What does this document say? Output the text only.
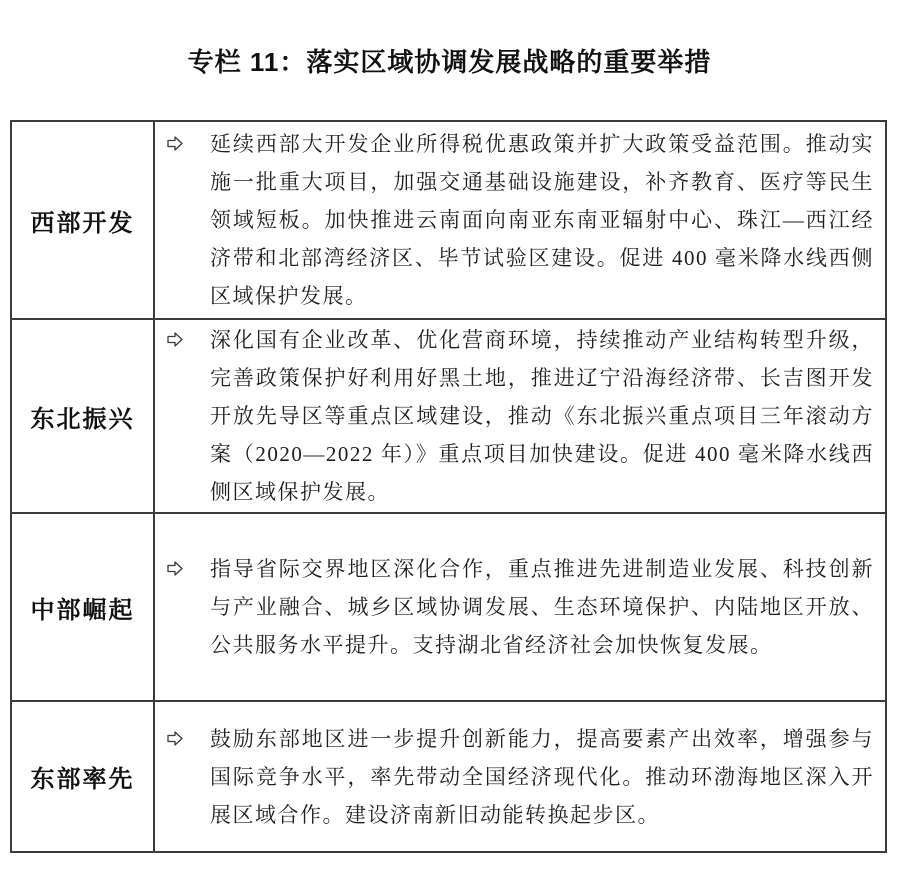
专栏 11：落实区域协调发展战略的重要举措
西部开发

延续西部大开发企业所得税优惠政策并扩大政策受益范围。推动实施一批重大项目，加强交通基础设施建设，补齐教育、医疗等民生领域短板。加快推进云南面向南亚东南亚辐射中心、珠江—西江经济带和北部湾经济区、毕节试验区建设。促进 400 毫米降水线西侧区域保护发展。

东北振兴

深化国有企业改革、优化营商环境，持续推动产业结构转型升级，完善政策保护好利用好黑土地，推进辽宁沿海经济带、长吉图开发开放先导区等重点区域建设，推动《东北振兴重点项目三年滚动方案（2020—2022 年）》重点项目加快建设。促进 400 毫米降水线西侧区域保护发展。

中部崛起

指导省际交界地区深化合作，重点推进先进制造业发展、科技创新与产业融合、城乡区域协调发展、生态环境保护、内陆地区开放、公共服务水平提升。支持湖北省经济社会加快恢复发展。

东部率先

鼓励东部地区进一步提升创新能力，提高要素产出效率，增强参与国际竞争水平，率先带动全国经济现代化。推动环渤海地区深入开展区域合作。建设济南新旧动能转换起步区。
